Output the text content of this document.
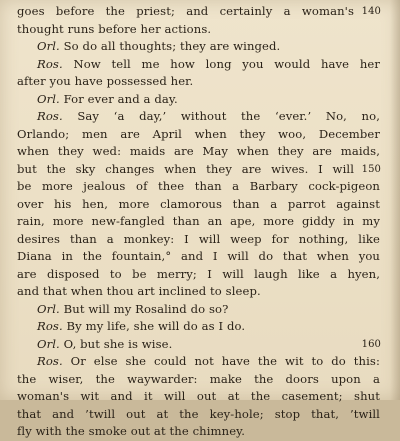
goes before the priest; and certainly a woman's 140
thought runs before her actions.
Orl. So do all thoughts; they are winged.
Ros. Now tell me how long you would have her
after you have possessed her.
Orl. For ever and a day.
Ros. Say ‘a day,’ without the ‘ever.’ No, no,
Orlando; men are April when they woo, December
when they wed: maids are May when they are maids,
but the sky changes when they are wives. I will 150
be more jealous of thee than a Barbary cock-pigeon
over his hen, more clamorous than a parrot against
rain, more new-fangled than an ape, more giddy in my
desires than a monkey: I will weep for nothing, like
Diana in the fountain,° and I will do that when you
are disposed to be merry; I will laugh like a hyen,
and that when thou art inclined to sleep.
Orl. But will my Rosalind do so?
Ros. By my life, she will do as I do.
Orl. O, but she is wise.	160
Ros. Or else she could not have the wit to do this:
the wiser, the waywarder: make the doors upon a
woman's wit and it will out at the casement; shut
that and ’twill out at the key-hole; stop that, ’twill
fly with the smoke out at the chimney.
